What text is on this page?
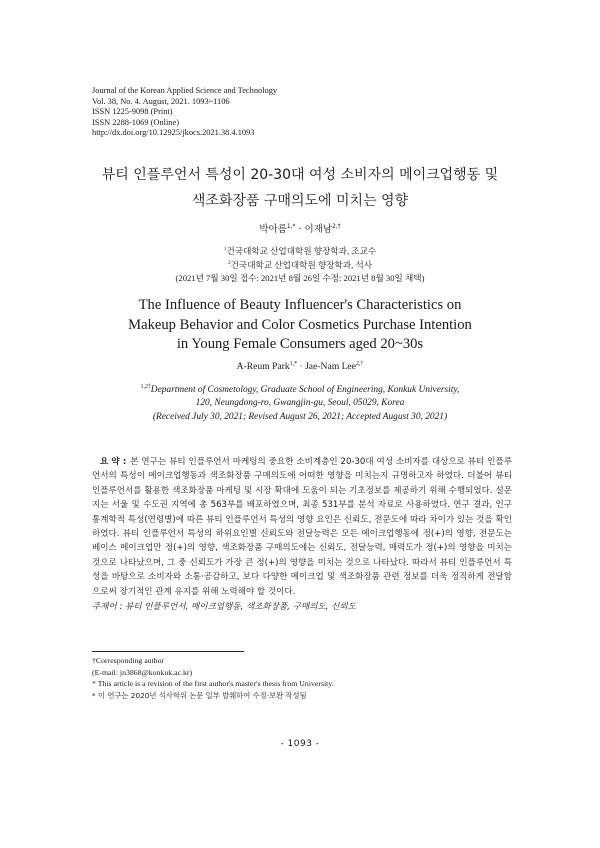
Journal of the Korean Applied Science and Technology
Vol. 38, No. 4. August, 2021. 1093~1106
ISSN 1225-9098 (Print)
ISSN 2288-1069 (Online)
http://dx.doi.org/10.12925/jkocs.2021.38.4.1093
뷰티 인플루언서 특성이 20-30대 여성 소비자의 메이크업행동 및
색조화장품 구매의도에 미치는 영향
박아름$^{1,*}$ · 이재남$^{2,\dagger}$
$^1$건국대학교 산업대학원 향장학과, 조교수
$^2$건국대학교 산업대학원 향장학과, 석사
(2021년 7월 30일 접수: 2021년 8월 26일 수정: 2021년 8월 30일 채택)
The Influence of Beauty Influencer's Characteristics on
Makeup Behavior and Color Cosmetics Purchase Intention
in Young Female Consumers aged 20~30s
A-Reum Park$^{1,*}$ · Jae-Nam Lee$^{2,\dagger}$
$^{1,2\dagger}$Department of Cosmetology, Graduate School of Engineering, Konkuk University,
120, Neungdong-ro, Gwangjin-gu, Seoul, 05029, Korea
(Received July 30, 2021; Revised August 26, 2021; Accepted August 30, 2021)
요 약 : 본 연구는 뷰티 인플루언서 마케팅의 중요한 소비계층인 20-30대 여성 소비자를 대상으로 뷰티 인플루언서의 특성이 메이크업행동과 색조화장품 구매의도에 어떠한 영향을 미치는지 규명하고자 하였다. 더불어 뷰티 인플루언서를 활용한 색조화장품 마케팅 및 시장 확대에 도움이 되는 기초정보를 제공하기 위해 수행되었다. 설문지는 서울 및 수도권 지역에 총 563부를 배포하였으며, 최종 531부를 분석 자료로 사용하였다. 연구 결과, 인구통계학적 특성(연령별)에 따른 뷰티 인플루언서 특성의 영향 요인은 신뢰도, 전문도에 따라 차이가 있는 것을 확인하였다. 뷰티 인플루언서 특성의 하위요인별 신뢰도와 전달능력은 모든 메이크업행동에 정(+)의 영향, 전문도는 베이스 메이크업만 정(+)의 영향, 색조화장품 구매의도에는 신뢰도, 전달능력, 매력도가 정(+)의 영향을 미치는 것으로 나타났으며, 그 중 신뢰도가 가장 큰 정(+)의 영향을 미치는 것으로 나타났다. 따라서 뷰티 인플루언서 특성을 바탕으로 소비자와 소통·공감하고, 보다 다양한 메이크업 및 색조화장품 관련 정보를 더욱 정직하게 전달함으로써 장기적인 관계 유지를 위해 노력해야 할 것이다.
주제어 : 뷰티 인플루언서, 메이크업행동, 색조화장품, 구매의도, 신뢰도
†Corresponding author
(E-mail: jn3868@konkuk.ac.kr)
* This article is a revision of the first author's master's thesis from University.
* 이 연구는 2020년 석사학위 논문 일부 발췌하여 수정·보완 작성됨
- 1093 -
